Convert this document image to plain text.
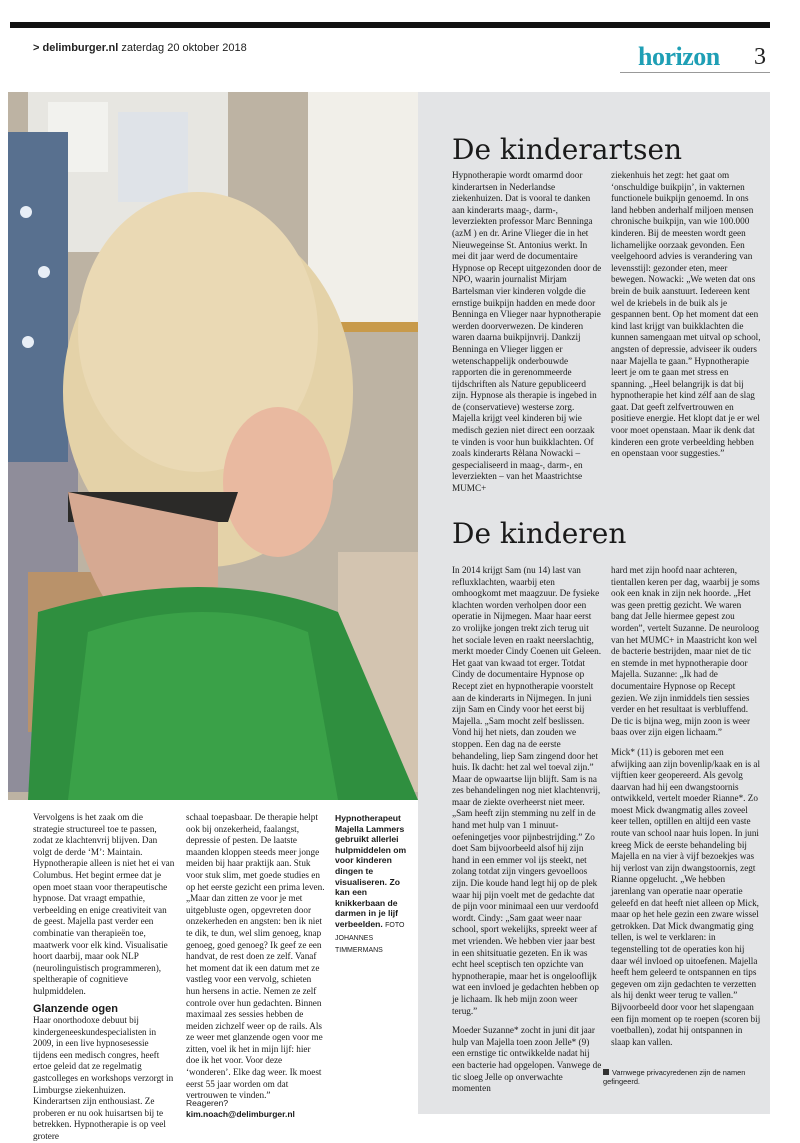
> delimburger.nl zaterdag 20 oktober 2018	horizon 3
De kinderartsen

Hypnotherapie wordt omarmd door kinderartsen in Nederlandse ziekenhuizen. Dat is vooral te danken aan kinderarts maag-, darm-, leverziekten professor Marc Benninga (azM ) en dr. Arine Vlieger die in het Nieuwegeinse St. Antonius werkt. In mei dit jaar werd de documentaire Hypnose op Recept uitgezonden door de NPO, waarin journalist Mirjam Bartelsman vier kinderen volgde die ernstige buikpijn hadden en mede door Benninga en Vlieger naar hypnotherapie werden doorverwezen. De kinderen waren daarna buikpijnvrij. Dankzij Benninga en Vlieger liggen er wetenschappelijk onderbouwde rapporten die in gerenommeerde tijdschriften als Nature gepubliceerd zijn. Hypnose als therapie is ingebed in de (conservatieve) westerse zorg. Majella krijgt veel kinderen bij wie medisch gezien niet direct een oorzaak te vinden is voor hun buikklachten. Of zoals kinderarts Rèlana Nowacki – gespecialiseerd in maag-, darm-, en leverziekten – van het Maastrichtse MUMC+

ziekenhuis het zegt: het gaat om ‘onschuldige buikpijn’, in vakternen functionele buikpijn genoemd. In ons land hebben anderhalf miljoen mensen chronische buikpijn, van wie 100.000 kinderen. Bij de meesten wordt geen lichamelijke oorzaak gevonden. Een veelgehoord advies is verandering van levensstijl: gezonder eten, meer bewegen. Nowacki: „We weten dat ons brein de buik aanstuurt. Iedereen kent wel de kriebels in de buik als je gespannen bent. Op het moment dat een kind last krijgt van buikklachten die kunnen samengaan met uitval op school, angsten of depressie, adviseer ik ouders naar Majella te gaan.” Hypnotherapie leert je om te gaan met stress en spanning. „Heel belangrijk is dat bij hypnotherapie het kind zélf aan de slag gaat. Dat geeft zelfvertrouwen en positieve energie. Het klopt dat je er wel voor moet openstaan. Maar ik denk dat kinderen een grote verbeelding hebben en openstaan voor suggesties.”

De kinderen

In 2014 krijgt Sam (nu 14) last van refluxklachten, waarbij eten omhoogkomt met maagzuur. De fysieke klachten worden verholpen door een operatie in Nijmegen. Maar haar eerst zo vrolijke jongen trekt zich terug uit het sociale leven en raakt neerslachtig, merkt moeder Cindy Coenen uit Geleen. Het gaat van kwaad tot erger. Totdat Cindy de documentaire Hypnose op Recept ziet en hypnotherapie voorstelt aan de kinderarts in Nijmegen. In juni zijn Sam en Cindy voor het eerst bij Majella. „Sam mocht zelf beslissen. Vond hij het niets, dan zouden we stoppen. Een dag na de eerste behandeling, liep Sam zingend door het huis. Ik dacht: het zal wel toeval zijn.” Maar de opwaartse lijn blijft. Sam is na zes behandelingen nog niet klachtenvrij, maar de ziekte overheerst niet meer. „Sam heeft zijn stemming nu zelf in de hand met hulp van 1 minuut-oefeningetjes voor pijnbestrijding.” Zo doet Sam bijvoorbeeld alsof hij zijn hand in een emmer vol ijs steekt, net zolang totdat zijn vingers gevoelloos zijn. Die koude hand legt hij op de plek waar hij pijn voelt met de gedachte dat de pijn voor minimaal een uur verdoofd wordt. Cindy: „Sam gaat weer naar school, sport wekelijks, spreekt weer af met vrienden. We hebben vier jaar best in een shitsituatie gezeten. En ik was echt heel sceptisch ten opzichte van hypnotherapie, maar het is ongelooflijk wat een invloed je gedachten hebben op je lichaam. Ik heb mijn zoon weer terug.”

Moeder Suzanne* zocht in juni dit jaar hulp van Majella toen zoon Jelle* (9) een ernstige tic ontwikkelde nadat hij een bacterie had opgelopen. Vanwege de tic sloeg Jelle op onverwachte momenten

hard met zijn hoofd naar achteren, tientallen keren per dag, waarbij je soms ook een knak in zijn nek hoorde. „Het was geen prettig gezicht. We waren bang dat Jelle hiermee gepest zou worden”, vertelt Suzanne. De neuroloog van het MUMC+ in Maastricht kon wel de bacterie bestrijden, maar niet de tic en stemde in met hypnotherapie door Majella. Suzanne: „Ik had de documentaire Hypnose op Recept gezien. We zijn inmiddels tien sessies verder en het resultaat is verbluffend. De tic is bijna weg, mijn zoon is weer baas over zijn eigen lichaam.”

Mick* (11) is geboren met een afwijking aan zijn bovenlip/kaak en is al vijftien keer geopereerd. Als gevolg daarvan had hij een dwangstoornis ontwikkeld, vertelt moeder Rianne*. Zo moest Mick dwangmatig alles zoveel keer tellen, optillen en altijd een vaste route van school naar huis lopen. In juni kreeg Mick de eerste behandeling bij Majella en na vier à vijf bezoekjes was hij verlost van zijn dwangstoornis, zegt Rianne opgelucht. „We hebben jarenlang van operatie naar operatie geleefd en dat heeft niet alleen op Mick, maar op het hele gezin een zware wissel getrokken. Dat Mick dwangmatig ging tellen, is wel te verklaren: in tegenstelling tot de operaties kon hij daar wél invloed op uitoefenen. Majella heeft hem geleerd te ontspannen en tips gegeven om zijn gedachten te verzetten als hij denkt weer terug te vallen.” Bijvoorbeeld door voor het slapengaan een fijn moment op te roepen (scoren bij voetballen), zodat hij ontspannen in slaap kan vallen.

Varnwege privacyredenen zijn de namen gefingeerd.

Vervolgens is het zaak om die strategie structureel toe te passen, zodat ze klachtenvrij blijven. Dan volgt de derde ‘M’: Maintain. Hypnotherapie alleen is niet het ei van Columbus. Het begint ermee dat je open moet staan voor therapeutische hypnose. Dat vraagt empathie, verbeelding en enige creativiteit van de geest. Majella past verder een combinatie van therapieën toe, maatwerk voor elk kind. Visualisatie hoort daarbij, maar ook NLP (neurolinguïstisch programmeren), speltherapie of cognitieve hulpmiddelen.

Glanzende ogen

Haar onorthodoxe debuut bij kindergeneeskundespecialisten in 2009, in een live hypnosesessie tijdens een medisch congres, heeft ertoe geleid dat ze regelmatig gastcolleges en workshops verzorgt in Limburgse ziekenhuizen. Kinderartsen zijn enthousiast. Ze proberen er nu ook huisartsen bij te betrekken. Hypnotherapie is op veel grotere

schaal toepasbaar. De therapie helpt ook bij onzekerheid, faalangst, depressie of pesten. De laatste maanden kloppen steeds meer jonge meiden bij haar praktijk aan. Stuk voor stuk slim, met goede studies en op het eerste gezicht een prima leven. „Maar dan zitten ze voor je met uitgebluste ogen, opgevreten door onzekerheden en angsten: ben ik niet te dik, te dun, wel slim genoeg, knap genoeg, goed genoeg? Ik geef ze een handvat, de rest doen ze zelf. Vanaf het moment dat ik een datum met ze vastleg voor een vervolg, schieten hun hersens in actie. Nemen ze zelf controle over hun gedachten. Binnen maximaal zes sessies hebben de meiden zichzelf weer op de rails. Als ze weer met glanzende ogen voor me zitten, voel ik het in mijn lijf: hier doe ik het voor. Voor deze ‘wonderen’. Elke dag weer. Ik moest eerst 55 jaar worden om dat vertrouwen te vinden.”

Reageren?
kim.noach@delimburger.nl
Hypnotherapeut Majella Lammers gebruikt allerlei hulpmiddelen om voor kinderen dingen te visualiseren. Zo kan een knikkerbaan de darmen in je lijf verbeelden. FOTO JOHANNES TIMMERMANS
